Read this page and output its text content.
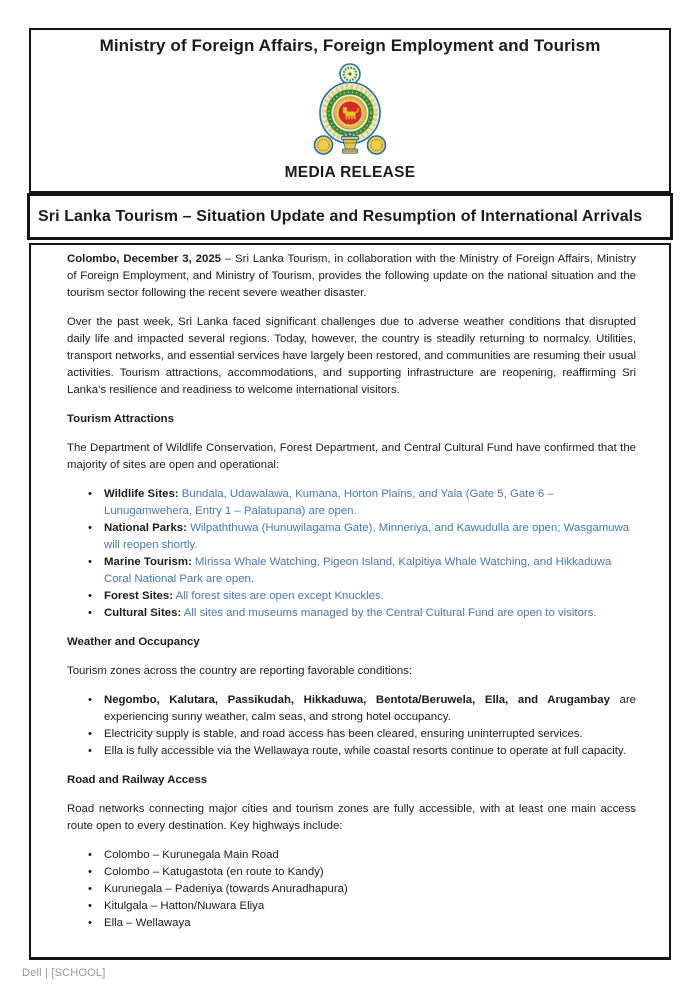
Ministry of Foreign Affairs, Foreign Employment and Tourism
MEDIA RELEASE
Sri Lanka Tourism – Situation Update and Resumption of International Arrivals

Colombo, December 3, 2025 – Sri Lanka Tourism, in collaboration with the Ministry of Foreign Affairs, Ministry of Foreign Employment, and Ministry of Tourism, provides the following update on the national situation and the tourism sector following the recent severe weather disaster.

Over the past week, Sri Lanka faced significant challenges due to adverse weather conditions that disrupted daily life and impacted several regions. Today, however, the country is steadily returning to normalcy. Utilities, transport networks, and essential services have largely been restored, and communities are resuming their usual activities. Tourism attractions, accommodations, and supporting infrastructure are reopening, reaffirming Sri Lanka’s resilience and readiness to welcome international visitors.

Tourism Attractions

The Department of Wildlife Conservation, Forest Department, and Central Cultural Fund have confirmed that the majority of sites are open and operational:

• Wildlife Sites: Bundala, Udawalawa, Kumana, Horton Plains, and Yala (Gate 5, Gate 6 – Lunugamwehera, Entry 1 – Palatupana) are open.
• National Parks: Wilpaththuwa (Hunuwilagama Gate), Minneriya, and Kawudulla are open; Wasgamuwa will reopen shortly.
• Marine Tourism: Mirissa Whale Watching, Pigeon Island, Kalpitiya Whale Watching, and Hikkaduwa Coral National Park are open.
• Forest Sites: All forest sites are open except Knuckles.
• Cultural Sites: All sites and museums managed by the Central Cultural Fund are open to visitors.
Weather and Occupancy

Tourism zones across the country are reporting favorable conditions:

• Negombo, Kalutara, Passikudah, Hikkaduwa, Bentota/Beruwela, Ella, and Arugambay are experiencing sunny weather, calm seas, and strong hotel occupancy.
• Electricity supply is stable, and road access has been cleared, ensuring uninterrupted services.
• Ella is fully accessible via the Wellawaya route, while coastal resorts continue to operate at full capacity.
Road and Railway Access

Road networks connecting major cities and tourism zones are fully accessible, with at least one main access route open to every destination. Key highways include:

• Colombo – Kurunegala Main Road
• Colombo – Katugastota (en route to Kandy)
• Kurunegala – Padeniya (towards Anuradhapura)
• Kitulgala – Hatton/Nuwara Eliya
• Ella – Wellawaya
Dell | [SCHOOL]
